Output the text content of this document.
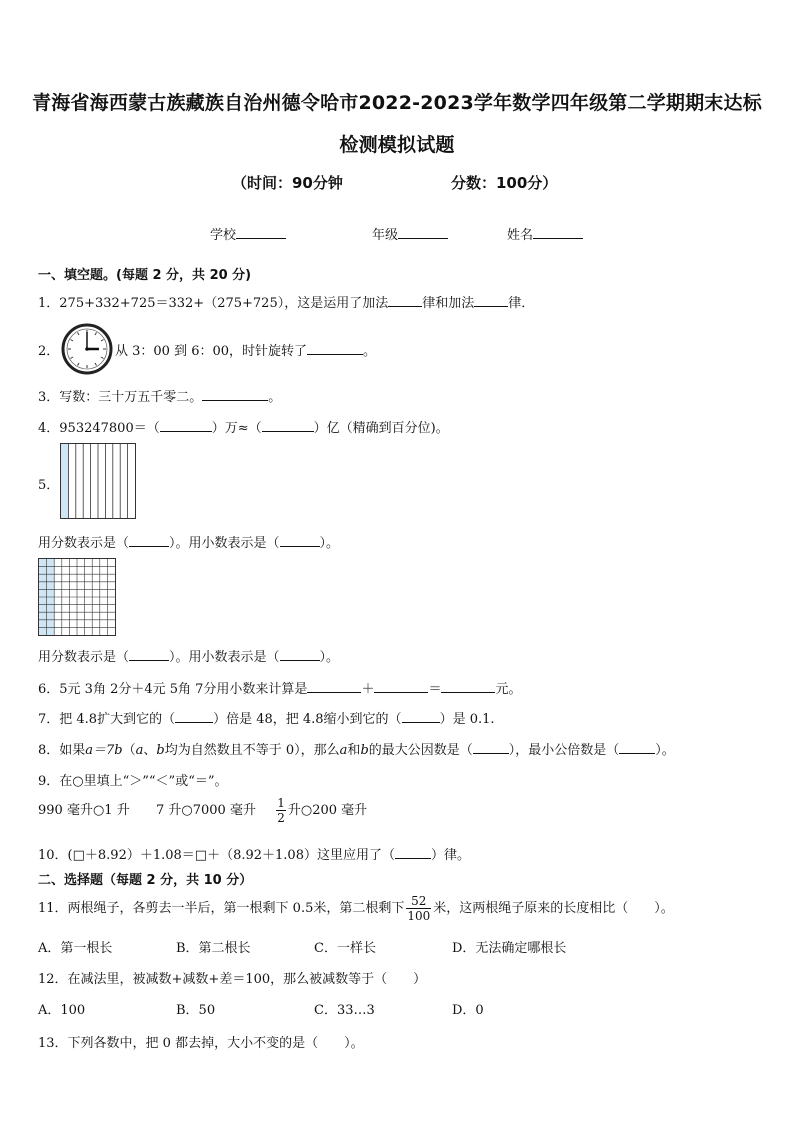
青海省海西蒙古族藏族自治州德令哈市2022-2023学年数学四年级第二学期期末达标
检测模拟试题
（时间：90分钟	分数：100分）
学校	年级	姓名
一、填空题。(每题 2 分，共 20 分)
1．275+332+725＝332+（275+725），这是运用了加法	律和加法	律．
2．	从 3：00 到 6：00，时针旋转了	。
3．写数：三十万五千零二。	。
4．953247800＝（	）万≈（	）亿（精确到百分位)。
5．
用分数表示是（	）。用小数表示是（	）。
用分数表示是（	）。用小数表示是（	）。
6．5元 3角 2分＋4元 5角 7分用小数来计算是	＋	＝	元。
7．把 4.8扩大到它的（	）倍是 48，把 4.8缩小到它的（	）是 0.1.
8．如果a＝7b（a、b均为自然数且不等于 0），那么a和b的最大公因数是（	），最小公倍数是（	）。
9．在○里填上“＞”“＜”或“＝”。
990 毫升○1 升 7 升○7000 毫升 $\frac{1}{2}$ 升○200 毫升
10．(□＋8.92）＋1.08＝□＋（8.92＋1.08）这里应用了（	）律。
二、选择题（每题 2 分，共 10 分）
11．两根绳子，各剪去一半后，第一根剩下 0.5米，第二根剩下 $\frac{52}{100}$ 米，这两根绳子原来的长度相比（　　）。
A．第一根长	B．第二根长	C．一样长	D．无法确定哪根长
12．在减法里，被减数+减数+差＝100，那么被减数等于（　　）
A．100	B．50	C．33…3	D．0
13．下列各数中，把 0 都去掉，大小不变的是（　　）。
